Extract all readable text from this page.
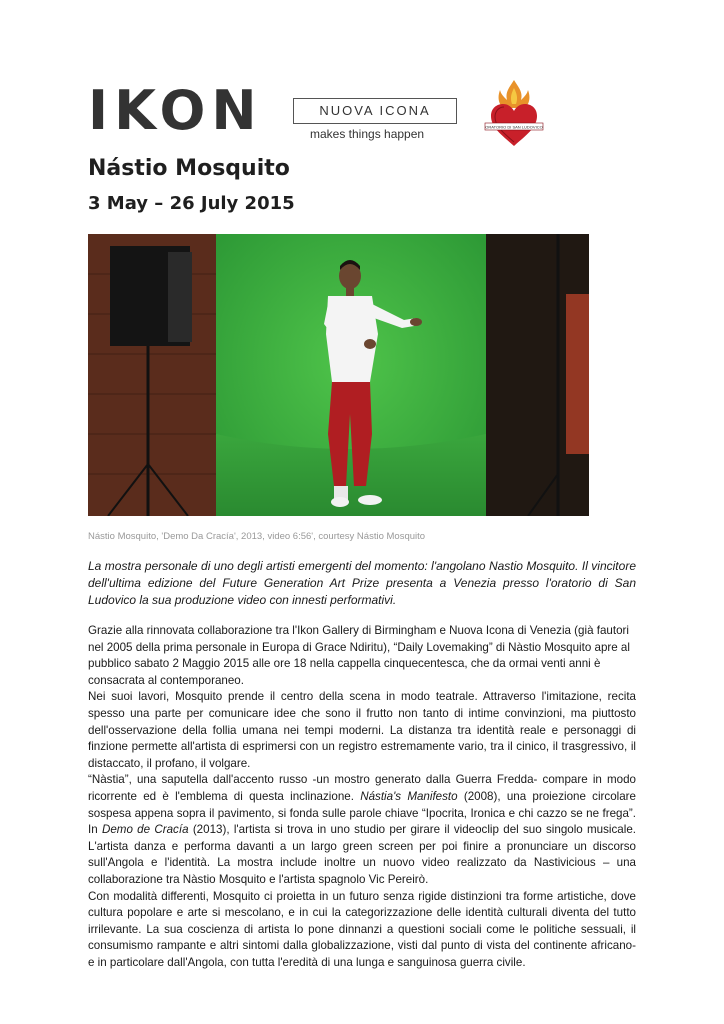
IKON	NUOVA ICONA
makes things happen	ORATORIO DI SAN LUDOVICO
Nástio Mosquito
3 May – 26 July 2015
Nástio Mosquito, 'Demo Da Cracía', 2013, video 6:56', courtesy Nástio Mosquito

La mostra personale di uno degli artisti emergenti del momento: l'angolano Nastio Mosquito. Il vincitore dell'ultima edizione del Future Generation Art Prize presenta a Venezia presso l'oratorio di San Ludovico la sua produzione video con innesti performativi.

Grazie alla rinnovata collaborazione tra l'Ikon Gallery di Birmingham e Nuova Icona di Venezia (già fautori nel 2005 della prima personale in Europa di Grace Ndiritu), “Daily Lovemaking” di Nàstio Mosquito apre al pubblico sabato 2 Maggio 2015 alle ore 18 nella cappella cinquecentesca, che da ormai venti anni è consacrata al contemporaneo.

Nei suoi lavori, Mosquito prende il centro della scena in modo teatrale. Attraverso l'imitazione, recita spesso una parte per comunicare idee che sono il frutto non tanto di intime convinzioni, ma piuttosto dell'osservazione della follia umana nei tempi moderni. La distanza tra identità reale e personaggi di finzione permette all'artista di esprimersi con un registro estremamente vario, tra il cinico, il trasgressivo, il distaccato, il profano, il volgare.

“Nàstia”, una saputella dall'accento russo -un mostro generato dalla Guerra Fredda- compare in modo ricorrente ed è l'emblema di questa inclinazione. Nástia's Manifesto (2008), una proiezione circolare sospesa appena sopra il pavimento, si fonda sulle parole chiave “Ipocrita, Ironica e chi cazzo se ne frega”. In Demo de Cracía (2013), l'artista si trova in uno studio per girare il videoclip del suo singolo musicale. L'artista danza e performa davanti a un largo green screen per poi finire a pronunciare un discorso sull'Angola e l'identità. La mostra include inoltre un nuovo video realizzato da Nastivicious – una collaborazione tra Nàstio Mosquito e l'artista spagnolo Vic Pereirò.

Con modalità differenti, Mosquito ci proietta in un futuro senza rigide distinzioni tra forme artistiche, dove cultura popolare e arte si mescolano, e in cui la categorizzazione delle identità culturali diventa del tutto irrilevante. La sua coscienza di artista lo pone dinnanzi a questioni sociali come le politiche sessuali, il consumismo rampante e altri sintomi dalla globalizzazione, visti dal punto di vista del continente africano- e in particolare dall'Angola, con tutta l'eredità di una lunga e sanguinosa guerra civile.
